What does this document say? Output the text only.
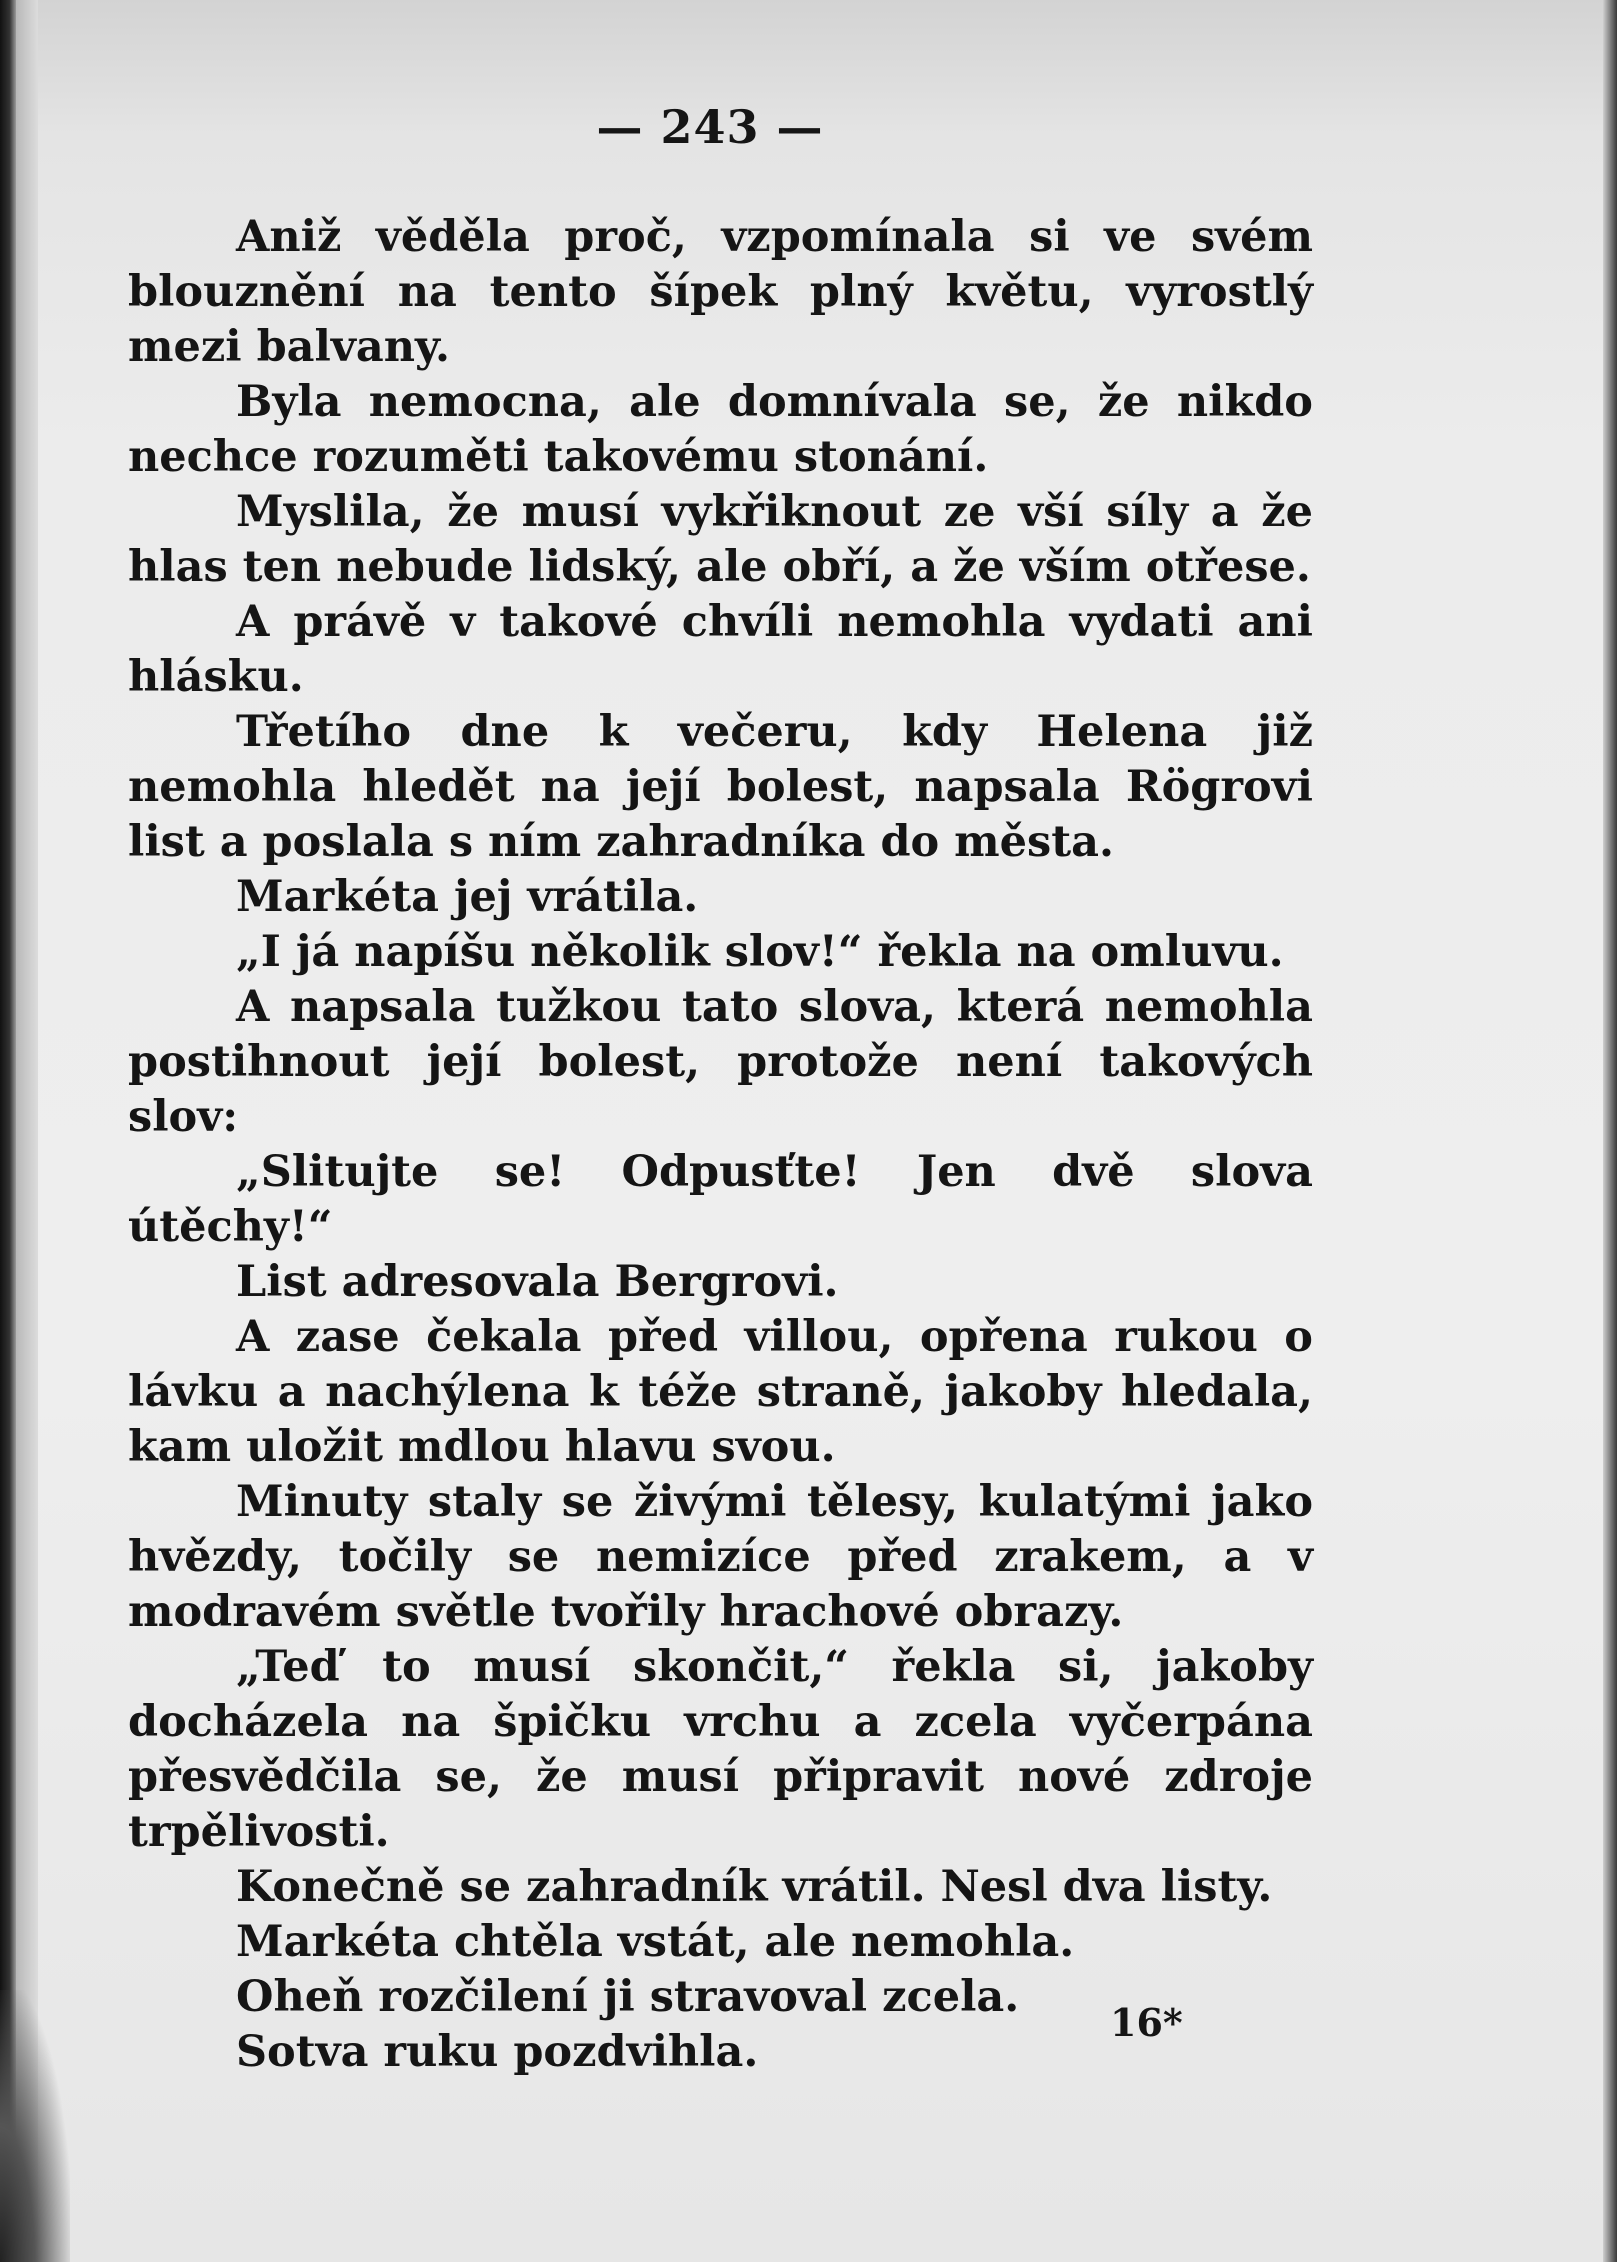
— 243 —

Aniž věděla proč, vzpomínala si ve svém blouznění na tento šípek plný květu, vyrostlý mezi balvany.

Byla nemocna, ale domnívala se, že nikdo nechce rozuměti takovému stonání.

Myslila, že musí vykřiknout ze vší síly a že hlas ten nebude lidský, ale obří, a že vším otřese.

A právě v takové chvíli nemohla vydati ani hlásku.

Třetího dne k večeru, kdy Helena již nemohla hledět na její bolest, napsala Rögrovi list a poslala s ním zahradníka do města.

Markéta jej vrátila.

„I já napíšu několik slov!“ řekla na omluvu.

A napsala tužkou tato slova, která nemohla postihnout její bolest, protože není takových slov:

„Slitujte se! Odpusťte! Jen dvě slova útěchy!“

List adresovala Bergrovi.

A zase čekala před villou, opřena rukou o lávku a nachýlena k téže straně, jakoby hledala, kam uložit mdlou hlavu svou.

Minuty staly se živými tělesy, kulatými jako hvězdy, točily se nemizíce před zrakem, a v modravém světle tvořily hrachové obrazy.

„Teď to musí skončit,“ řekla si, jakoby docházela na špičku vrchu a zcela vyčerpána přesvědčila se, že musí připravit nové zdroje trpělivosti.

Konečně se zahradník vrátil. Nesl dva listy.

Markéta chtěla vstát, ale nemohla.

Oheň rozčilení ji stravoval zcela.

Sotva ruku pozdvihla.

16*
